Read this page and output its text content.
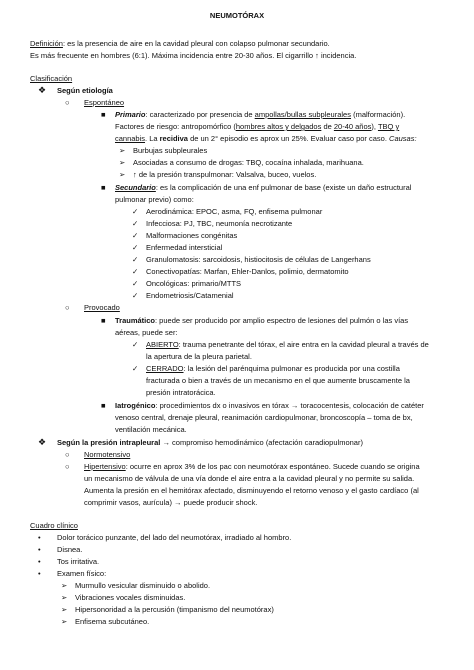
NEUMOTÓRAX
Definición: es la presencia de aire en la cavidad pleural con colapso pulmonar secundario.
Es más frecuente en hombres (6:1). Máxima incidencia entre 20-30 años. El cigarrillo ↑ incidencia.
Clasificación
❖ Según etiología
○ Espontáneo
■ Primario: caracterizado por presencia de ampollas/bullas subpleurales (malformación).
Factores de riesgo: antropomórfico (hombres altos y delgados de 20-40 años), TBQ y
cannabis. La recidiva de un 2° episodio es aprox un 25%. Evaluar caso por caso. Causas:
➢ Burbujas subpleurales
➢ Asociadas a consumo de drogas: TBQ, cocaína inhalada, marihuana.
➢ ↑ de la presión transpulmonar: Valsalva, buceo, vuelos.
■ Secundario: es la complicación de una enf pulmonar de base (existe un daño estructural
pulmonar previo) como:
✓ Aerodinámica: EPOC, asma, FQ, enfisema pulmonar
✓ Infecciosa: PJ, TBC, neumonía necrotizante
✓ Malformaciones congénitas
✓ Enfermedad intersticial
✓ Granulomatosis: sarcoidosis, histiocitosis de células de Langerhans
✓ Conectivopatías: Marfan, Ehler-Danlos, polimio, dermatomito
✓ Oncológicas: primario/MTTS
✓ Endometriosis/Catamenial
○ Provocado
■ Traumático: puede ser producido por amplio espectro de lesiones del pulmón o las vías
aéreas, puede ser:
✓ ABIERTO: trauma penetrante del tórax, el aire entra en la cavidad pleural a través de
la apertura de la pleura parietal.
✓ CERRADO: la lesión del parénquima pulmonar es producida por una costilla
fracturada o bien a través de un mecanismo en el que aumente bruscamente la
presión intratorácica.
■ Iatrogénico: procedimientos dx o invasivos en tórax → toracocentesis, colocación de catéter
venoso central, drenaje pleural, reanimación cardiopulmonar, broncoscopía – toma de bx,
ventilación mecánica.
❖ Según la presión intrapleural → compromiso hemodinámico (afectación caradiopulmonar)
○ Normotensivo
○ Hipertensivo: ocurre en aprox 3% de los pac con neumotórax espontáneo. Sucede cuando se origina
un mecanismo de válvula de una vía donde el aire entra a la cavidad pleural y no permite su salida.
Aumenta la presión en el hemitórax afectado, disminuyendo el retorno venoso y el gasto cardíaco (al
comprimir vasos, aurícula) → puede producir shock.
Cuadro clínico
• Dolor torácico punzante, del lado del neumotórax, irradiado al hombro.
• Disnea.
• Tos irritativa.
• Examen físico:
➢ Murmullo vesicular disminuido o abolido.
➢ Vibraciones vocales disminuidas.
➢ Hipersonoridad a la percusión (timpanismo del neumotórax)
➢ Enfisema subcutáneo.
